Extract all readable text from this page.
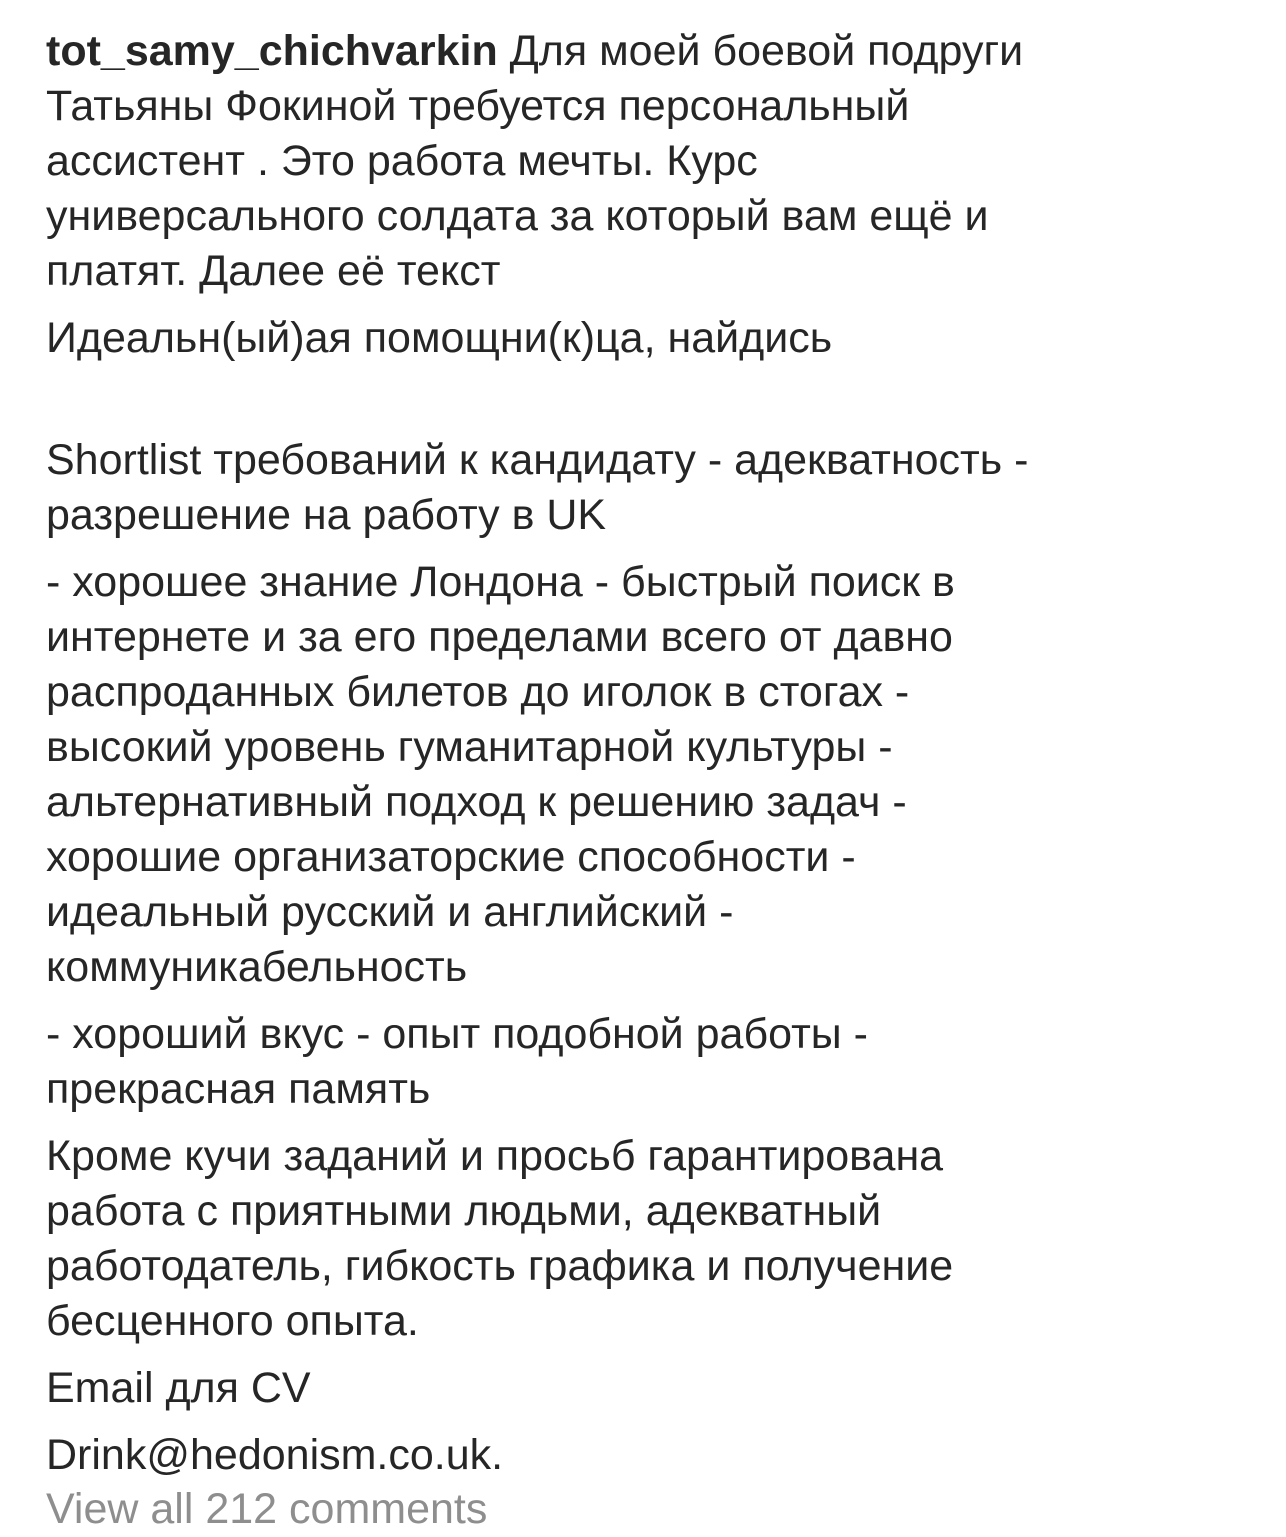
tot_samy_chichvarkin Для моей боевой подруги
Татьяны Фокиной требуется персональный
ассистент . Это работа мечты. Курс
универсального солдата за который вам ещё и
платят. Далее её текст
Идеальн(ый)ая помощни(к)ца, найдись
Shortlist требований к кандидату - адекватность -
разрешение на работу в UK
- хорошее знание Лондона - быстрый поиск в
интернете и за его пределами всего от давно
распроданных билетов до иголок в стогах -
высокий уровень гуманитарной культуры -
альтернативный подход к решению задач -
хорошие организаторские способности -
идеальный русский и английский -
коммуникабельность
- хороший вкус - опыт подобной работы -
прекрасная память
Кроме кучи заданий и просьб гарантирована
работа с приятными людьми, адекватный
работодатель, гибкость графика и получение
бесценного опыта.
Email для CV
Drink@hedonism.co.uk.
View all 212 comments
